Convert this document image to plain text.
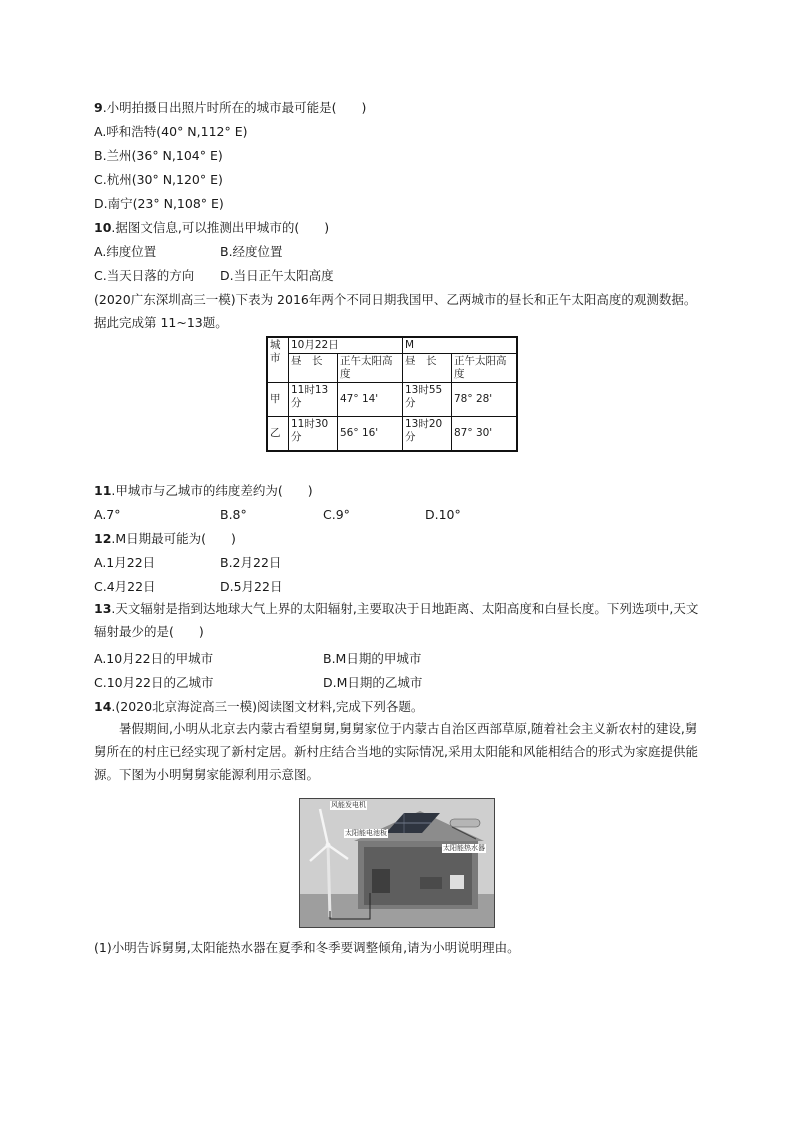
9.小明拍摄日出照片时所在的城市最可能是(　　)
A.呼和浩特(40° N,112° E)
B.兰州(36° N,104° E)
C.杭州(30° N,120° E)
D.南宁(23° N,108° E)
10.据图文信息,可以推测出甲城市的(　　)
A.纬度位置	B.经度位置
C.当天日落的方向 D.当日正午太阳高度
(2020广东深圳高三一模)下表为 2016年两个不同日期我国甲、乙两城市的昼长和正午太阳高度的观测数据。据此完成第 11~13题。
城市	10月22日		M	
	昼　长	正午太阳高度	昼　长	正午太阳高度
甲	11时13分	47° 14'	13时55分	78° 28'
乙	11时30分	56° 16'	13时20分	87° 30'
11.甲城市与乙城市的纬度差约为(　　)
A.7°	B.8°	C.9°	D.10°
12.M日期最可能为(　　)
A.1月22日	B.2月22日
C.4月22日	D.5月22日
13.天文辐射是指到达地球大气上界的太阳辐射,主要取决于日地距离、太阳高度和白昼长度。下列选项中,天文辐射最少的是(　　)
A.10月22日的甲城市	B.M日期的甲城市
C.10月22日的乙城市	D.M日期的乙城市
14.(2020北京海淀高三一模)阅读图文材料,完成下列各题。
暑假期间,小明从北京去内蒙古看望舅舅,舅舅家位于内蒙古自治区西部草原,随着社会主义新农村的建设,舅舅所在的村庄已经实现了新村定居。新村庄结合当地的实际情况,采用太阳能和风能相结合的形式为家庭提供能源。下图为小明舅舅家能源利用示意图。
风能发电机
太阳能电池板
太阳能热水器
(1)小明告诉舅舅,太阳能热水器在夏季和冬季要调整倾角,请为小明说明理由。
